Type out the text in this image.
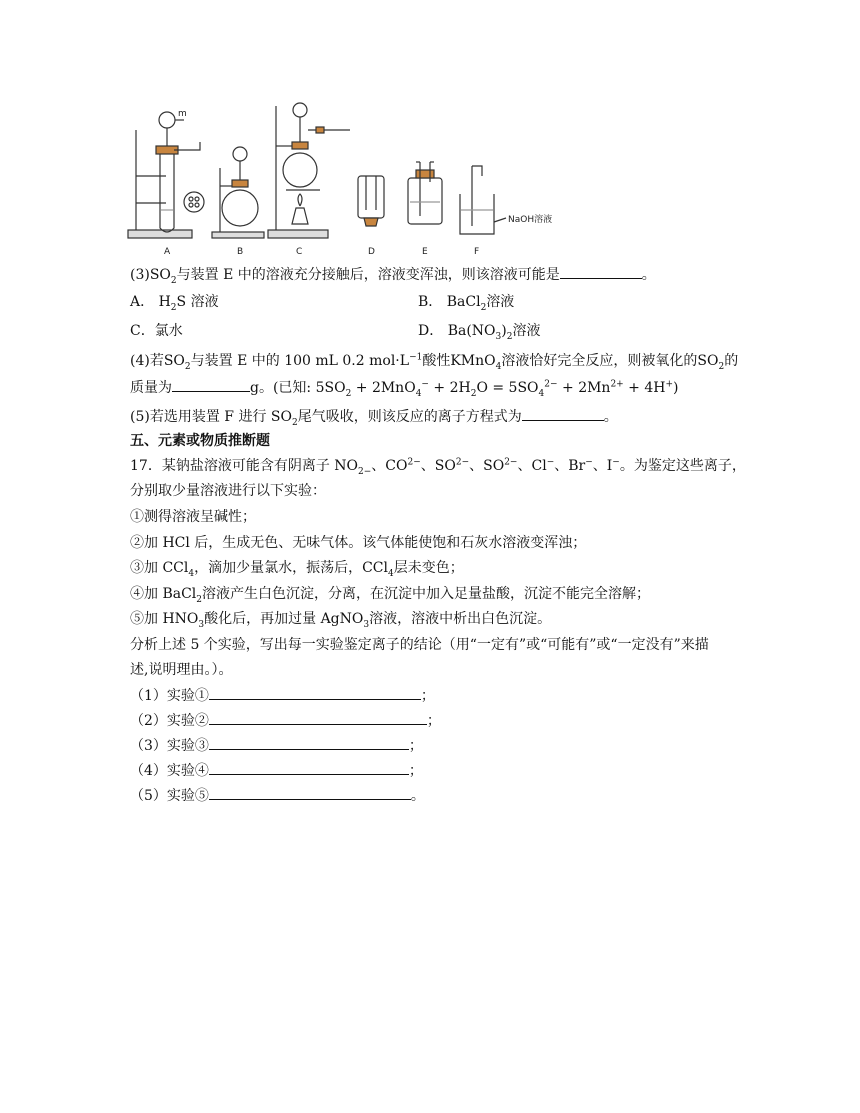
m
NaOH溶液
A	B	C	D	E	F
$(3)SO_2$与装置 E 中的溶液充分接触后，溶液变浑浊，则该溶液可能是	。
A． $H_2S$ 溶液	B． BaCl$_2$溶液
C．氯水	D． $Ba(NO_3)_2$溶液
(4)若$SO_2$与装置 E 中的 100 mL 0.2 $mol\cdot L^{-1}$酸性KMnO$_4$溶液恰好完全反应，则被氧化的$SO_2$的
质量为	g。(已知: $5SO_2 + 2MnO_4^- + 2H_2O = 5SO_4^{2-} + 2Mn^{2+} + 4H^+$)
(5)若选用装置 F 进行 $SO_2$尾气吸收，则该反应的离子方程式为	。
五、元素或物质推断题
17．某钠盐溶液可能含有阴离子 $NO_{2-}$、$CO^{2-}$、$SO^{2-}$、$SO^{2-}$、Cl−、Br−、I−。为鉴定这些离子，
分别取少量溶液进行以下实验：
①测得溶液呈碱性；
②加 HCl 后，生成无色、无味气体。该气体能使饱和石灰水溶液变浑浊；
③加 CCl$_4$，滴加少量氯水，振荡后，CCl$_4$层未变色；
④加 BaCl$_2$溶液产生白色沉淀，分离，在沉淀中加入足量盐酸，沉淀不能完全溶解；
⑤加 $HNO_3$酸化后，再加过量 AgNO$_3$溶液，溶液中析出白色沉淀。
分析上述 5 个实验，写出每一实验鉴定离子的结论（用“一定有”或“可能有”或“一定没有”来描
述,说明理由。）。
（1）实验①	；
（2）实验②	；
（3）实验③	；
（4）实验④	；
（5）实验⑤	。
